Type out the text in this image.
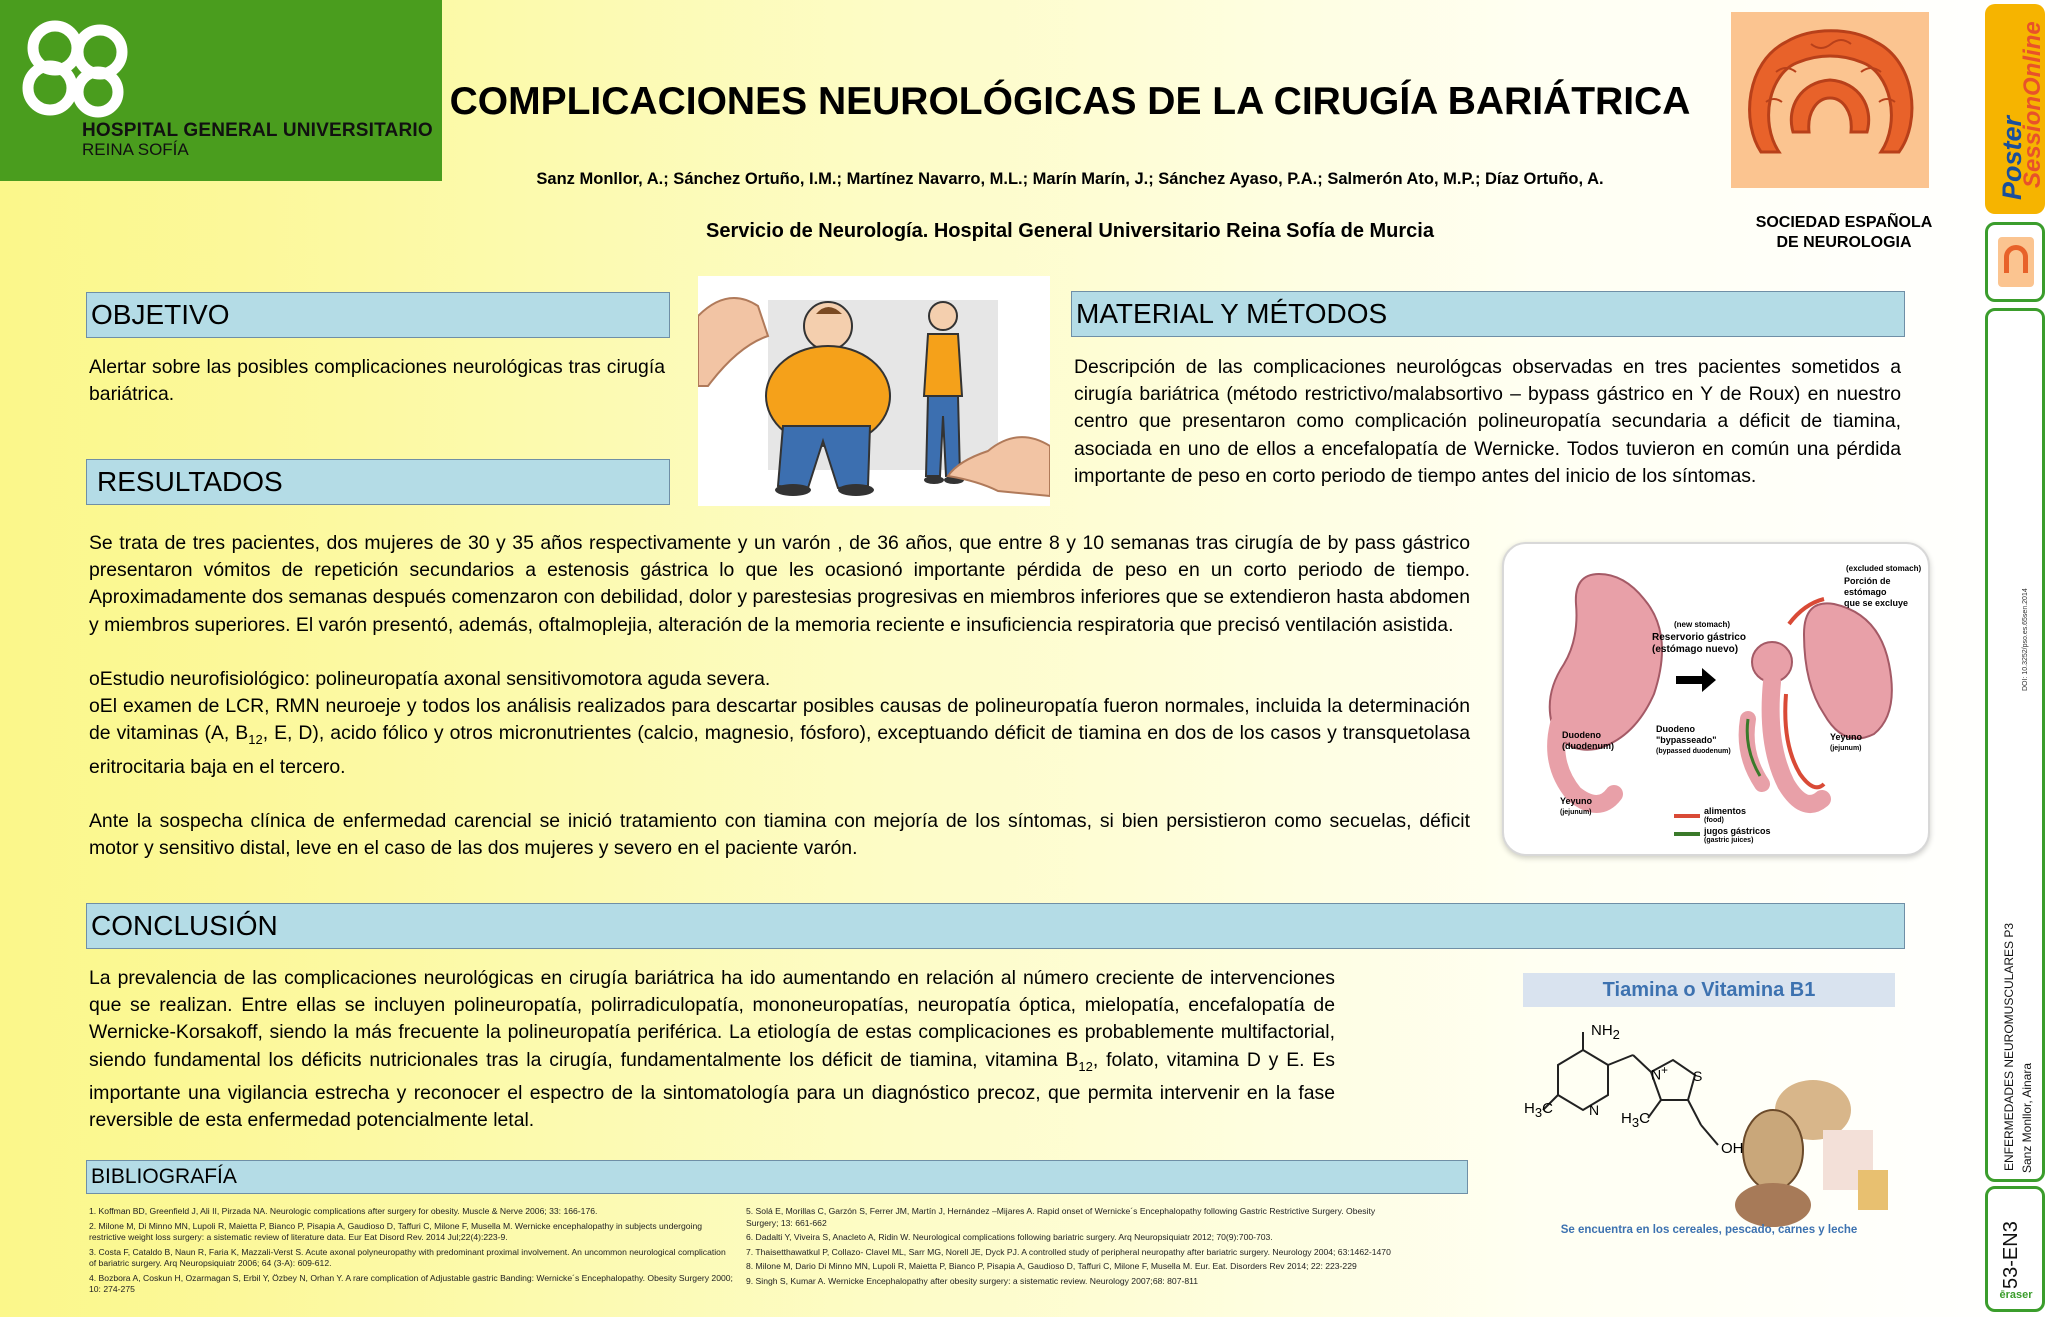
HOSPITAL GENERAL UNIVERSITARIO
REINA SOFÍA
COMPLICACIONES NEUROLÓGICAS DE LA CIRUGÍA BARIÁTRICA
Sanz Monllor, A.; Sánchez Ortuño, I.M.; Martínez Navarro, M.L.; Marín Marín, J.; Sánchez Ayaso, P.A.; Salmerón Ato, M.P.; Díaz Ortuño, A.
Servicio de Neurología. Hospital General Universitario Reina Sofía de Murcia	SOCIEDAD ESPAÑOLA
DE NEUROLOGIA
Poster
SessionOnline
DOI: 10.3252/pso.es.65sen.2014
ENFERMEDADES NEUROMUSCULARES P3 Sanz Monllor, Ainara
53-EN3
ēraser
OBJETIVO
Alertar sobre las posibles complicaciones neurológicas tras cirugía bariátrica.
MATERIAL Y MÉTODOS
Descripción de las complicaciones neurológcas observadas en tres pacientes sometidos a cirugía bariátrica (método restrictivo/malabsortivo – bypass gástrico en Y de Roux) en nuestro centro que presentaron como complicación polineuropatía secundaria a déficit de tiamina, asociada en uno de ellos a encefalopatía de Wernicke. Todos tuvieron en común una pérdida importante de peso en corto periodo de tiempo antes del inicio de los síntomas.
RESULTADOS

Se trata de tres pacientes, dos mujeres de 30 y 35 años respectivamente y un varón , de 36 años, que entre 8 y 10 semanas tras cirugía de by pass gástrico presentaron vómitos de repetición secundarios a estenosis gástrica lo que les ocasionó importante pérdida de peso en un corto periodo de tiempo. Aproximadamente dos semanas después comenzaron con debilidad, dolor y parestesias progresivas en miembros inferiores que se extendieron hasta abdomen y miembros superiores. El varón presentó, además, oftalmoplejia, alteración de la memoria reciente e insuficiencia respiratoria que precisó ventilación asistida.

oEstudio neurofisiológico: polineuropatía axonal sensitivomotora aguda severa.

oEl examen de LCR, RMN neuroeje y todos los análisis realizados para descartar posibles causas de polineuropatía fueron normales, incluida la determinación de vitaminas (A, $B_{12}$, E, D), acido fólico y otros micronutrientes (calcio, magnesio, fósforo), exceptuando déficit de tiamina en dos de los casos y transquetolasa eritrocitaria baja en el tercero.

Ante la sospecha clínica de enfermedad carencial se inició tratamiento con tiamina con mejoría de los síntomas, si bien persistieron como secuelas, déficit motor y sensitivo distal, leve en el caso de las dos mujeres y severo en el paciente varón.

(excluded stomach)
Porción de
estómago
que se excluye
(new stomach)
Reservorio gástrico
(estómago nuevo)
Duodeno
(duodenum)
Duodeno
"bypasseado"
(bypassed duodenum)
Yeyuno
(jejunum)
Yeyuno
(jejunum)
alimentos
(food)
jugos gástricos
(gastric juices)
CONCLUSIÓN
La prevalencia de las complicaciones neurológicas en cirugía bariátrica ha ido aumentando en relación al número creciente de intervenciones que se realizan. Entre ellas se incluyen polineuropatía, polirradiculopatía, mononeuropatías, neuropatía óptica, mielopatía, encefalopatía de Wernicke-Korsakoff, siendo la más frecuente la polineuropatía periférica. La etiología de estas complicaciones es probablemente multifactorial, siendo fundamental los déficits nutricionales tras la cirugía, fundamentalmente los déficit de tiamina, vitamina $B_{12}$, folato, vitamina D y E. Es importante una vigilancia estrecha y reconocer el espectro de la sintomatología para un diagnóstico precoz, que permita intervenir en la fase reversible de esta enfermedad potencialmente letal.
Tiamina o Vitamina B1
$NH_2$
$H_3C$
$H_3C$
N
N+ S
OH
Se encuentra en los cereales, pescado, carnes y leche
BIBLIOGRAFÍA

1. Koffman BD, Greenfield J, Ali II, Pirzada NA. Neurologic complications after surgery for obesity. Muscle & Nerve 2006; 33: 166-176.

2. Milone M, Di Minno MN, Lupoli R, Maietta P, Bianco P, Pisapia A, Gaudioso D, Taffuri C, Milone F, Musella M. Wernicke encephalopathy in subjects undergoing restrictive weight loss surgery: a sistematic review of literature data. Eur Eat Disord Rev. 2014 Jul;22(4):223-9.

3. Costa F, Cataldo B, Naun R, Faria K, Mazzali-Verst S. Acute axonal polyneuropathy with predominant proximal involvement. An uncommon neurological complication of bariatric surgery. Arq Neuropsiquiatr 2006; 64 (3-A): 609-612.

4. Bozbora A, Coskun H, Ozarmagan S, Erbil Y, Özbey N, Orhan Y. A rare complication of Adjustable gastric Banding: Wernicke´s Encephalopathy. Obesity Surgery 2000; 10: 274-275

5. Solá E, Morillas C, Garzón S, Ferrer JM, Martín J, Hernández –Mijares A. Rapid onset of Wernicke´s Encephalopathy following Gastric Restrictive Surgery. Obesity Surgery; 13: 661-662

6. Dadalti Y, Viveira S, Anacleto A, Ridin W. Neurological complications following bariatric surgery. Arq Neuropsiquiatr 2012; 70(9):700-703.

7. Thaisetthawatkul P, Collazo- Clavel ML, Sarr MG, Norell JE, Dyck PJ. A controlled study of peripheral neuropathy after bariatric surgery. Neurology 2004; 63:1462-1470

8. Milone M, Dario Di Minno MN, Lupoli R, Maietta P, Bianco P, Pisapia A, Gaudioso D, Taffuri C, Milone F, Musella M. Eur. Eat. Disorders Rev 2014; 22: 223-229

9. Singh S, Kumar A. Wernicke Encephalopathy after obesity surgery: a sistematic review. Neurology 2007;68: 807-811
